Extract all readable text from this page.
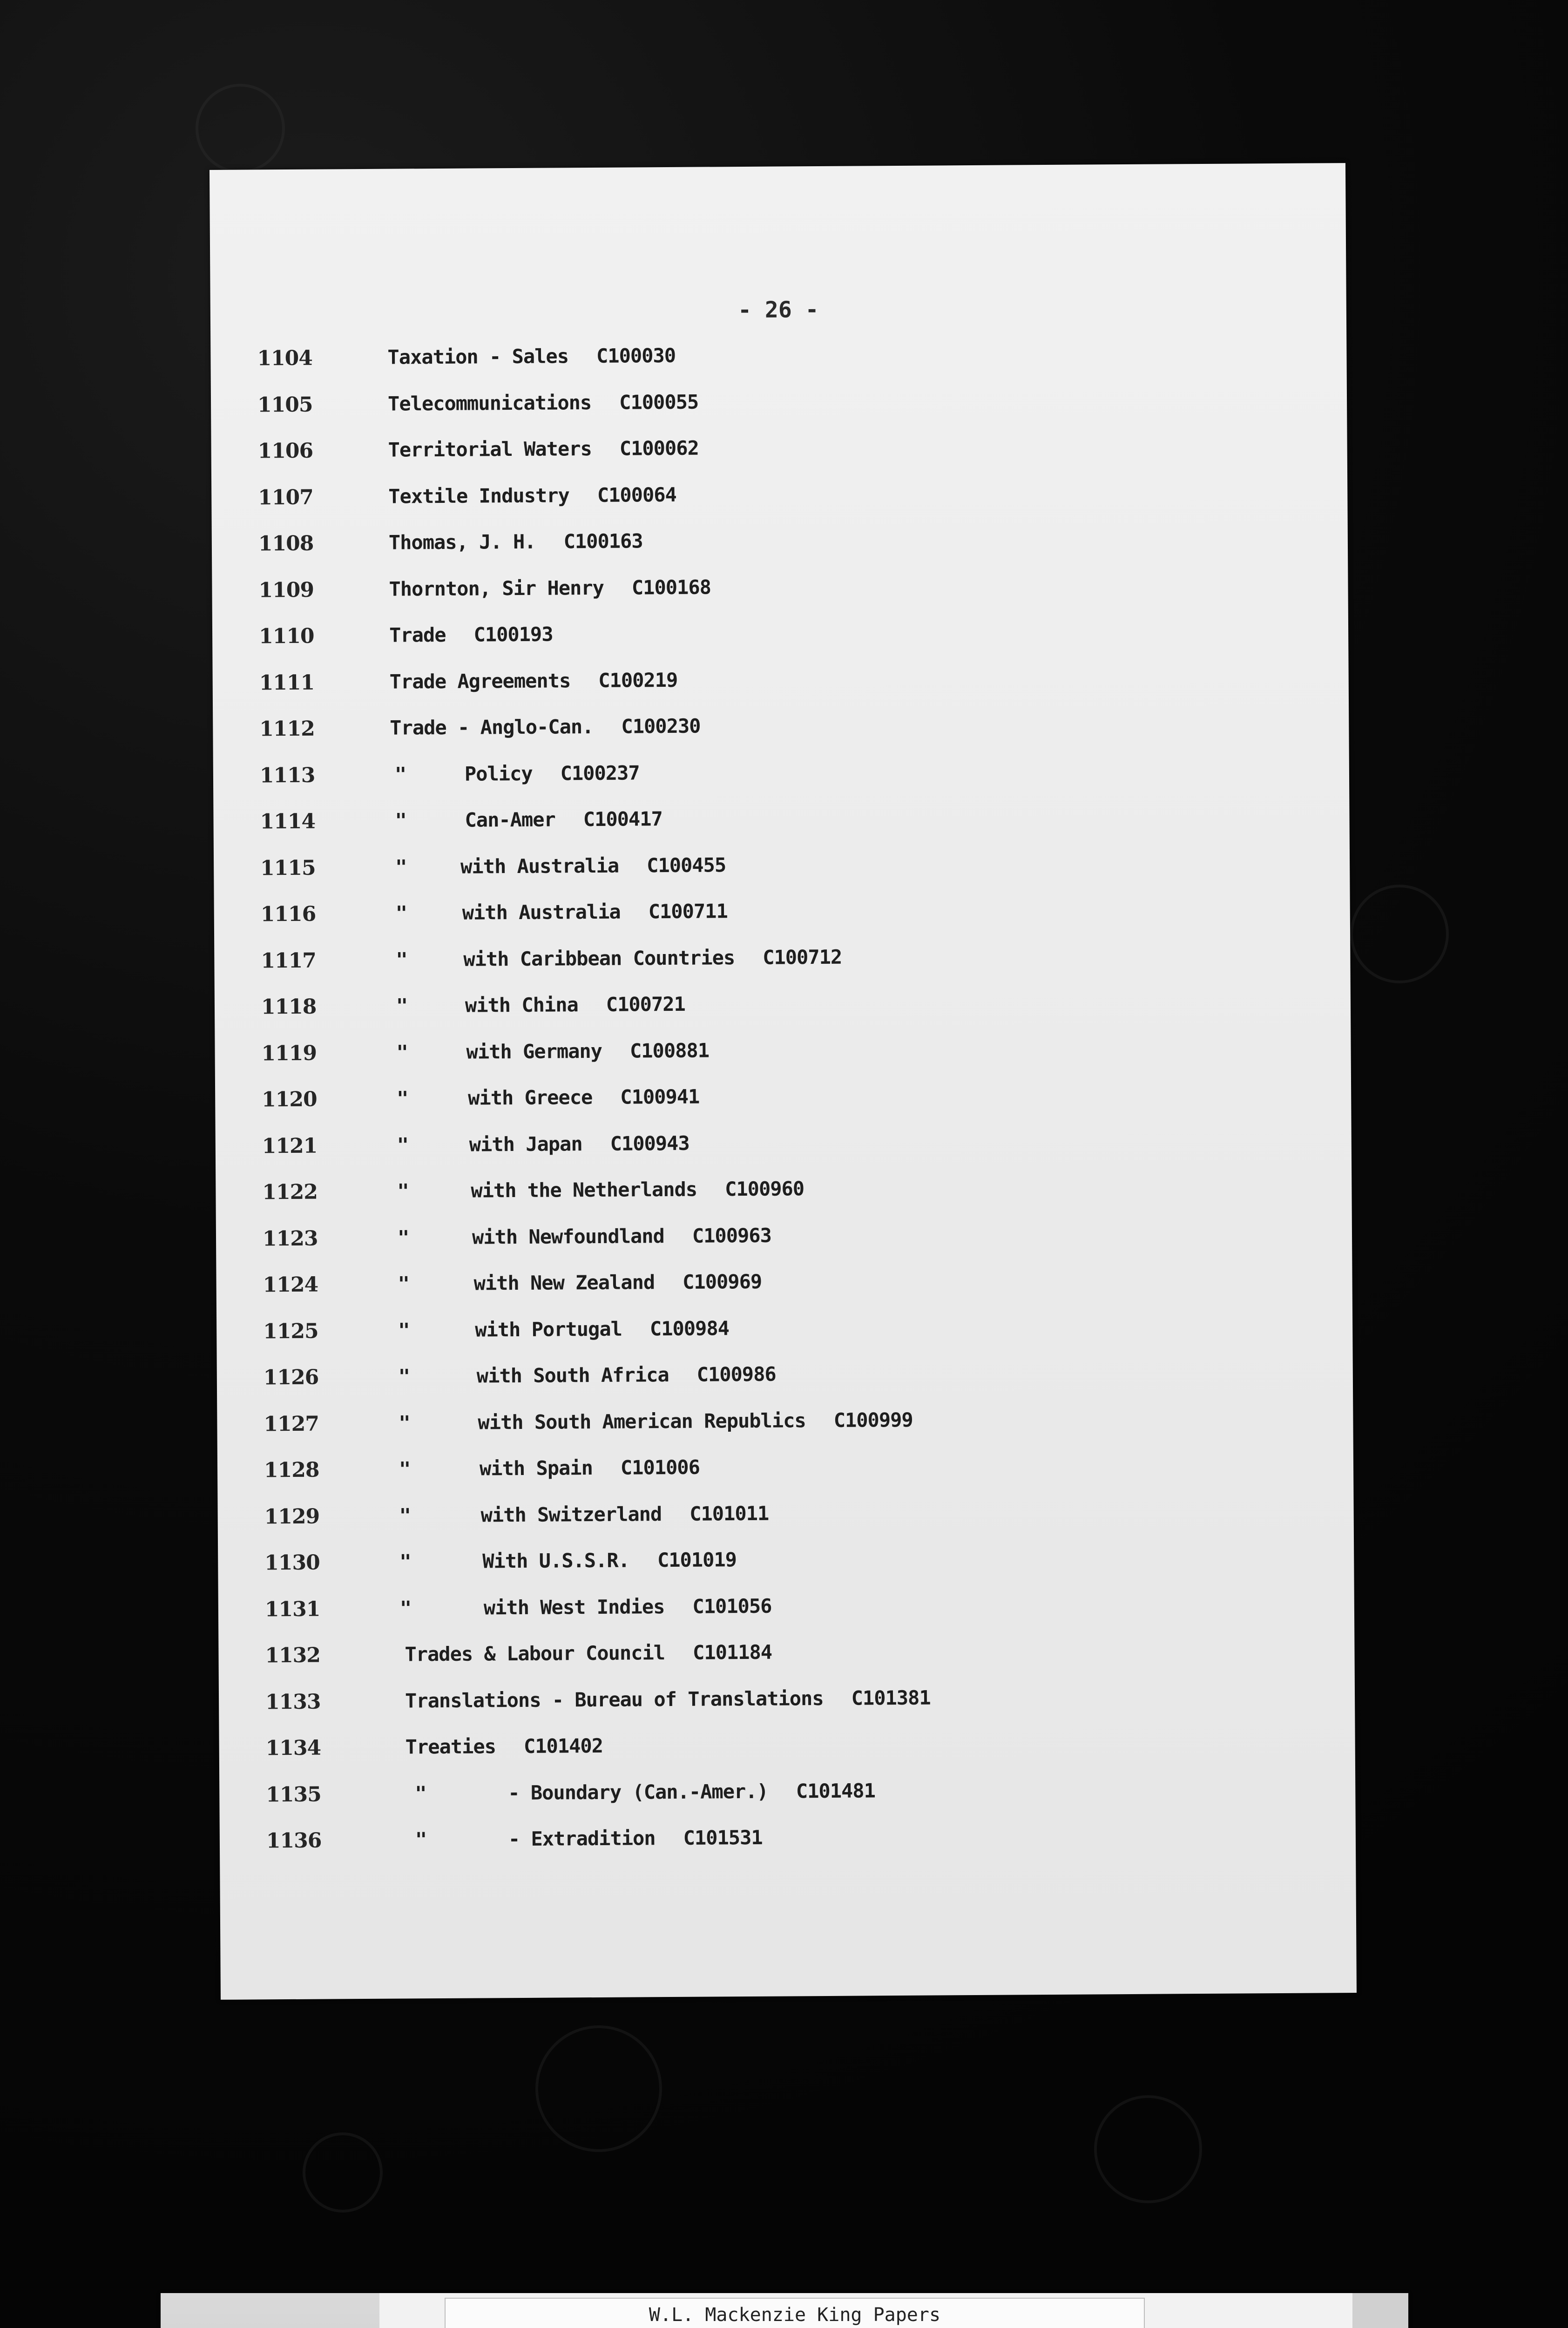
- 26 -
1104	Taxation - Sales C100030
1105	Telecommunications C100055
1106	Territorial Waters C100062
1107	Textile Industry C100064
1108	Thomas, J. H. C100163
1109	Thornton, Sir Henry C100168
1110	Trade C100193
1111	Trade Agreements C100219
1112	Trade - Anglo-Can. C100230
1113	"	Policy C100237
1114	"	Can-Amer C100417
1115	"	with Australia C100455
1116	"	with Australia C100711
1117	"	with Caribbean Countries C100712
1118	"	with China C100721
1119	"	with Germany C100881
1120	"	with Greece C100941
1121	"	with Japan C100943
1122	"	with the Netherlands C100960
1123	"	with Newfoundland C100963
1124	"	with New Zealand C100969
1125	"	with Portugal C100984
1126	"	with South Africa C100986
1127	"	with South American Republics C100999
1128	"	with Spain C101006
1129	"	with Switzerland C101011
1130	"	With U.S.S.R. C101019
1131	"	with West Indies C101056
1132	Trades & Labour Council C101184
1133	Translations - Bureau of Translations C101381
1134	Treaties C101402
1135	"	- Boundary (Can.-Amer.) C101481
1136	"	- Extradition C101531
W.L. Mackenzie King Papers
